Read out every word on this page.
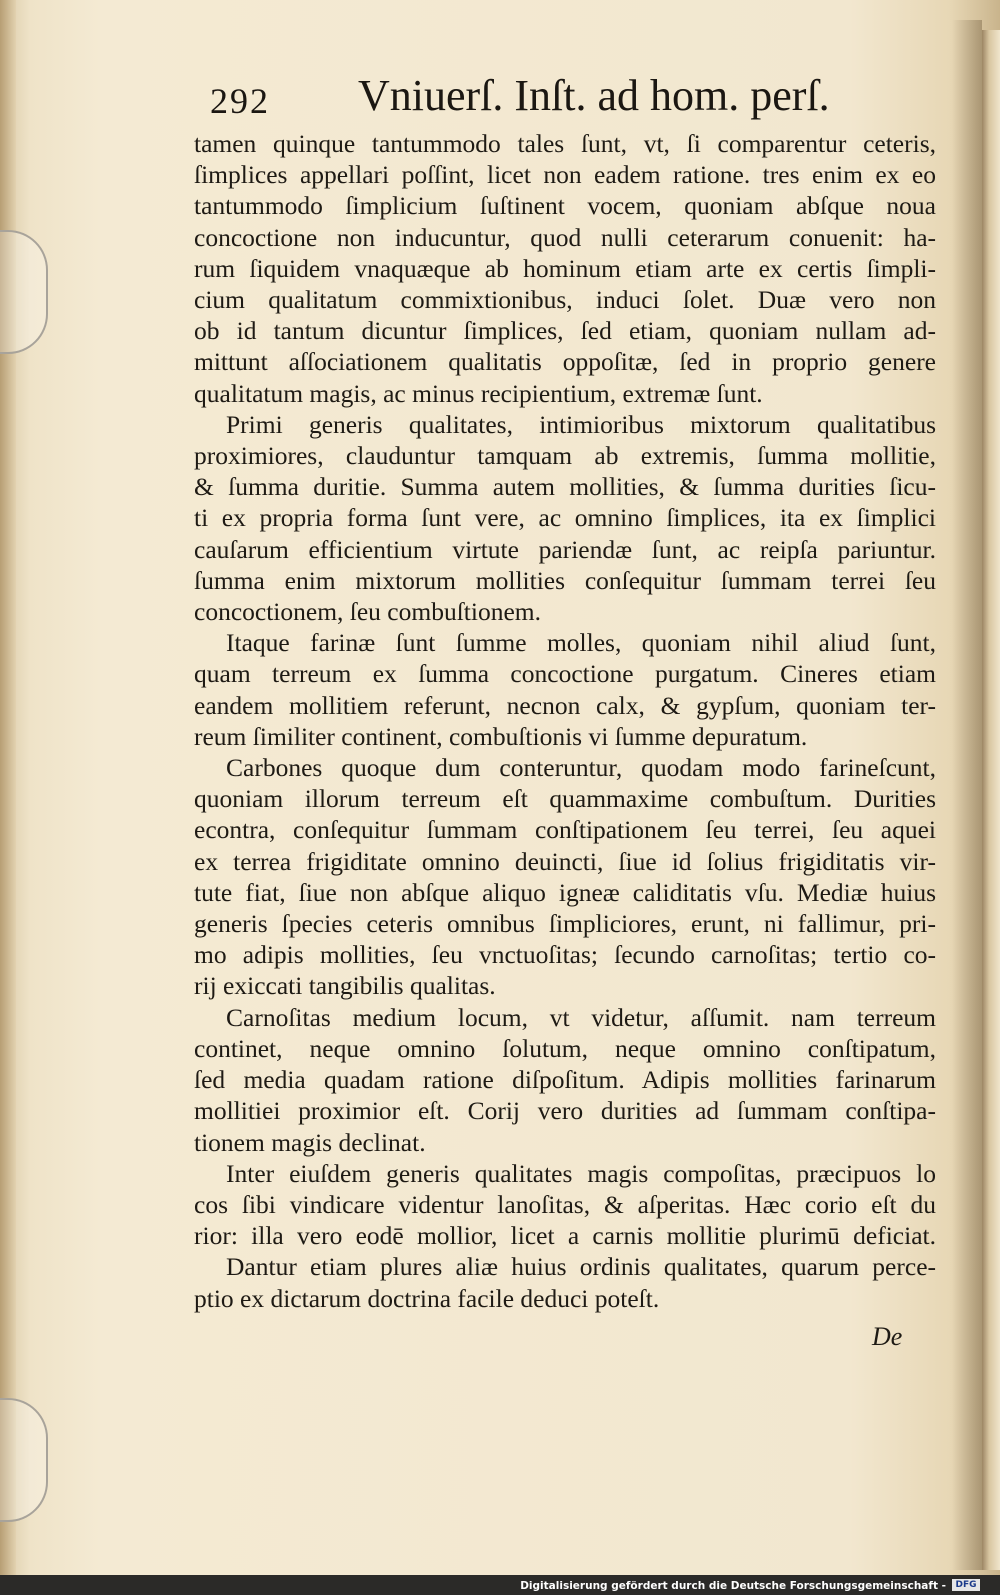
292 Vniuerſ. Inſt. ad hom. perſ.
tamen quinque tantummodo tales ſunt, vt, ſi comparentur ceteris,
ſimplices appellari poſſint, licet non eadem ratione. tres enim ex eo
tantummodo ſimplicium ſuſtinent vocem, quoniam abſque noua
concoctione non inducuntur, quod nulli ceterarum conuenit: ha-
rum ſiquidem vnaquæque ab hominum etiam arte ex certis ſimpli-
cium qualitatum commixtionibus, induci ſolet. Duæ vero non
ob id tantum dicuntur ſimplices, ſed etiam, quoniam nullam ad-
mittunt aſſociationem qualitatis oppoſitæ, ſed in proprio genere
qualitatum magis, ac minus recipientium, extremæ ſunt.
Primi generis qualitates, intimioribus mixtorum qualitatibus
proximiores, clauduntur tamquam ab extremis, ſumma mollitie,
& ſumma duritie. Summa autem mollities, & ſumma durities ſicu-
ti ex propria forma ſunt vere, ac omnino ſimplices, ita ex ſimplici
cauſarum efficientium virtute pariendæ ſunt, ac reipſa pariuntur.
ſumma enim mixtorum mollities conſequitur ſummam terrei ſeu
concoctionem, ſeu combuſtionem.
Itaque farinæ ſunt ſumme molles, quoniam nihil aliud ſunt,
quam terreum ex ſumma concoctione purgatum. Cineres etiam
eandem mollitiem referunt, necnon calx, & gypſum, quoniam ter-
reum ſimiliter continent, combuſtionis vi ſumme depuratum.
Carbones quoque dum conteruntur, quodam modo farineſcunt,
quoniam illorum terreum eſt quammaxime combuſtum. Durities
econtra, conſequitur ſummam conſtipationem ſeu terrei, ſeu aquei
ex terrea frigiditate omnino deuincti, ſiue id ſolius frigiditatis vir-
tute fiat, ſiue non abſque aliquo igneæ caliditatis vſu. Mediæ huius
generis ſpecies ceteris omnibus ſimpliciores, erunt, ni fallimur, pri-
mo adipis mollities, ſeu vnctuoſitas; ſecundo carnoſitas; tertio co-
rij exiccati tangibilis qualitas.
Carnoſitas medium locum, vt videtur, aſſumit. nam terreum
continet, neque omnino ſolutum, neque omnino conſtipatum,
ſed media quadam ratione diſpoſitum. Adipis mollities farinarum
mollitiei proximior eſt. Corij vero durities ad ſummam conſtipa-
tionem magis declinat.
Inter eiuſdem generis qualitates magis compoſitas, præcipuos lo
cos ſibi vindicare videntur lanoſitas, & aſperitas. Hæc corio eſt du
rior: illa vero eodē mollior, licet a carnis mollitie plurimū deficiat.
Dantur etiam plures aliæ huius ordinis qualitates, quarum perce-
ptio ex dictarum doctrina facile deduci poteſt.
De
Digitalisierung gefördert durch die Deutsche Forschungsgemeinschaft -	DFG
